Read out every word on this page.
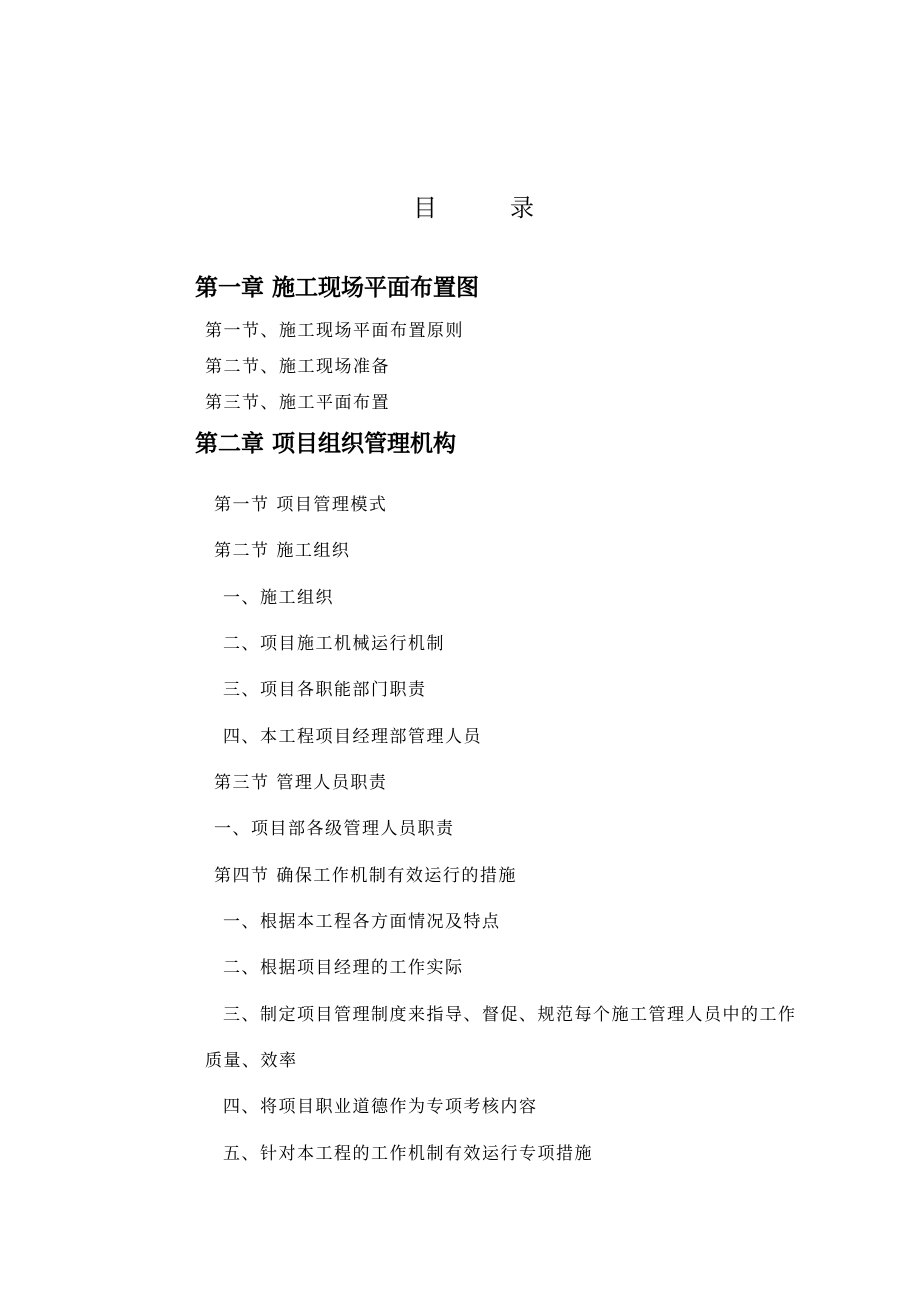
目	录
第一章 施工现场平面布置图
第一节、施工现场平面布置原则
第二节、施工现场准备
第三节、施工平面布置
第二章 项目组织管理机构
第一节 项目管理模式
第二节 施工组织
一、施工组织
二、项目施工机械运行机制
三、项目各职能部门职责
四、本工程项目经理部管理人员
第三节 管理人员职责
一、项目部各级管理人员职责
第四节 确保工作机制有效运行的措施
一、根据本工程各方面情况及特点
二、根据项目经理的工作实际
三、制定项目管理制度来指导、督促、规范每个施工管理人员中的工作
质量、效率
四、将项目职业道德作为专项考核内容
五、针对本工程的工作机制有效运行专项措施
